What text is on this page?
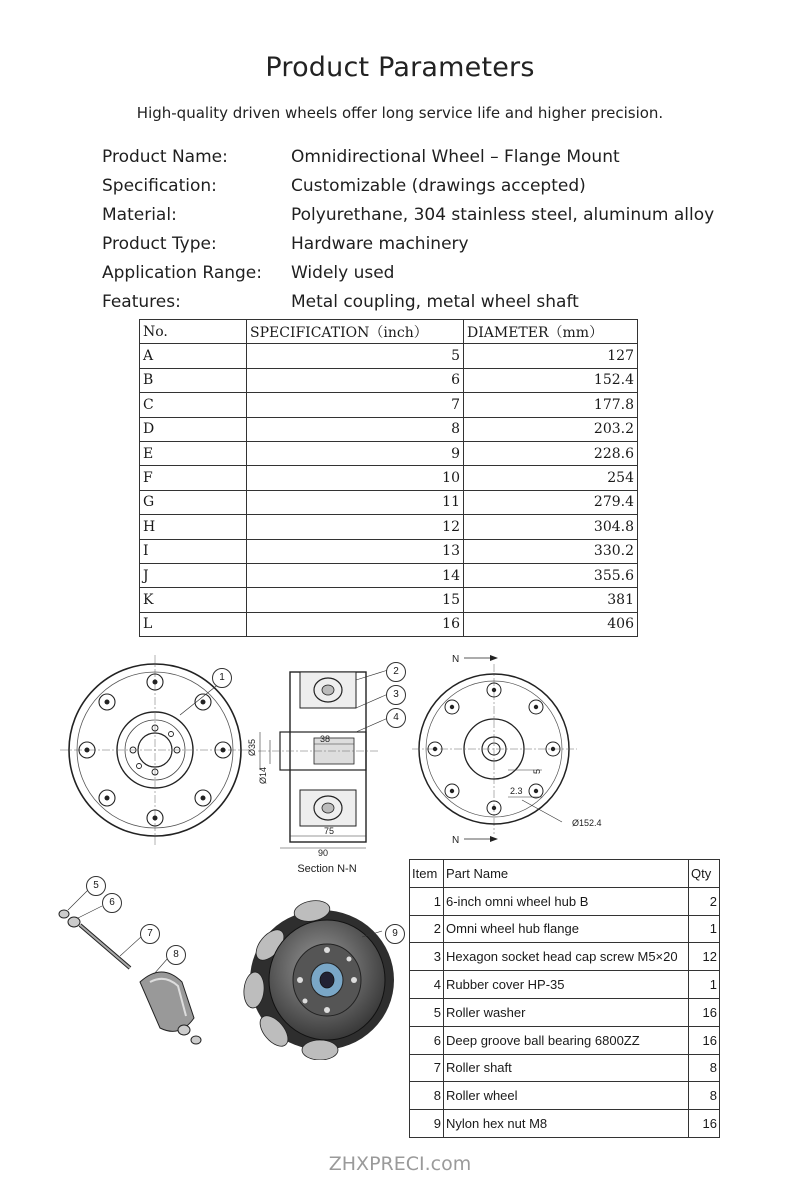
Product Parameters
High-quality driven wheels offer long service life and higher precision.
Product Name:	Omnidirectional Wheel – Flange Mount
Specification:	Customizable (drawings accepted)
Material:	Polyurethane, 304 stainless steel, aluminum alloy
Product Type:	Hardware machinery
Application Range:	Widely used
Features:	Metal coupling, metal wheel shaft
No.	SPECIFICATION（inch）	DIAMETER（mm）
A	5	127
B	6	152.4
C	7	177.8
D	8	203.2
E	9	228.6
F	10	254
G	11	279.4
H	12	304.8
I	13	330.2
J	14	355.6
K	15	381
L	16	406
1
Ø35
Ø14
38
75
90
2
3
4
Section N-N
N
N
5
2.3
Ø152.4
5
6
7
8
9
Item	Part Name	Qty
1	6-inch omni wheel hub B	2
2	Omni wheel hub flange	1
3	Hexagon socket head cap screw M5×20	12
4	Rubber cover HP-35	1
5	Roller washer	16
6	Deep groove ball bearing 6800ZZ	16
7	Roller shaft	8
8	Roller wheel	8
9	Nylon hex nut M8	16
ZHXPRECI.com
